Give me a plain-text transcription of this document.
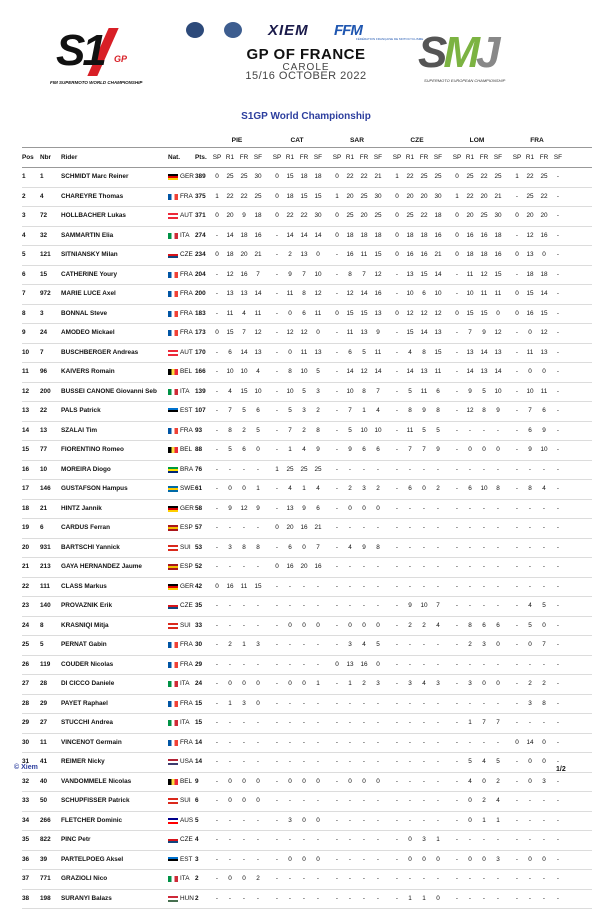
S1 GP
FIM SUPERMOTO WORLD CHAMPIONSHIP
XIEM FFM
FÉDÉRATION FRANÇAISE DE MOTOCYCLISME
GP OF FRANCE
CAROLE
15/16 OCTOBER 2022	SMJ
SUPERMOTO EUROPEAN CHAMPIONSHIP
S1GP World Championship
PIE	CAT	SAR	CZE	LOM	FRA
Pos Nbr	Rider	Nat.	Pts. SP R1 FR SF	SP R1 FR SF	SP R1 FR SF	SP R1 FR SF	SP R1 FR SF	SP R1 FR SF
1	1	SCHMIDT Marc Reiner	GER 389	0	25	25	30	0	15	18	18	0	22	22	21	1	22	25	25	0	25	22	25	1	22	25	-
2	4	CHAREYRE Thomas	FRA 375	1	22	22	25	0	18	15	15	1	20	25	30	0	20	20	30	1	22	20	21	-	25	22	-
3	72	HOLLBACHER Lukas	AUT 371	0	20	9	18	0	22	22	30	0	25	20	25	0	25	22	18	0	20	25	30	0	20	20	-
4	32	SAMMARTIN Elia	ITA 274	-	14	18	16	-	14	14	14	0	18	18	18	0	18	18	16	0	16	16	18	-	12	16	-
5	121	SITNIANSKY Milan	CZE 234	0	18	20	21	-	2	13	0	-	16	11	15	0	16	16	21	0	18	18	16	0	13	0	-
6	15	CATHERINE Youry	FRA 204	-	12	16	7	-	9	7	10	-	8	7	12	-	13	15	14	-	11	12	15	-	18	18	-
7	972	MARIE LUCE Axel	FRA 200	-	13	13	14	-	11	8	12	-	12	14	16	-	10	6	10	-	10	11	11	0	15	14	-
8	3	BONNAL Steve	FRA 183	-	11	4	11	-	0	6	11	0	15	15	13	0	12	12	12	0	15	15	0	0	16	15	-
9	24	AMODEO Mickael	FRA 173	0	15	7	12	-	12	12	0	-	11	13	9	-	15	14	13	-	7	9	12	-	0	12	-
10	7	BUSCHBERGER Andreas	AUT 170	-	6	14	13	-	0	11	13	-	6	5	11	-	4	8	15	-	13	14	13	-	11	13	-
11	96	KAIVERS Romain	BEL 166	-	10	10	4	-	8	10	5	-	14	12	14	-	14	13	11	-	14	13	14	-	0	0	-
12	200	BUSSEI CANONE Giovanni Seb	ITA 139	-	4	15	10	-	10	5	3	-	10	8	7	-	5	11	6	-	9	5	10	-	10	11	-
13	22	PALS Patrick	EST 107	-	7	5	6	-	5	3	2	-	7	1	4	-	8	9	8	-	12	8	9	-	7	6	-
14	13	SZALAI Tim	FRA 93	-	8	2	5	-	7	2	8	-	5	10	10	-	11	5	5	-	-	-	-	-	6	9	-
15	77	FIORENTINO Romeo	BEL 88	-	5	6	0	-	1	4	9	-	9	6	6	-	7	7	9	-	0	0	0	-	9	10	-
16	10	MOREIRA Diogo	BRA 76	-	-	-	-	1	25	25	25	-	-	-	-	-	-	-	-	-	-	-	-	-	-	-	-
17	146	GUSTAFSON Hampus	SWE 61	-	0	0	1	-	4	1	4	-	2	3	2	-	6	0	2	-	6	10	8	-	8	4	-
18	21	HINTZ Jannik	GER 58	-	9	12	9	-	13	9	6	-	0	0	0	-	-	-	-	-	-	-	-	-	-	-	-
19	6	CARDUS Ferran	ESP 57	-	-	-	-	0	20	16	21	-	-	-	-	-	-	-	-	-	-	-	-	-	-	-	-
20	931	BARTSCHI Yannick	SUI 53	-	3	8	8	-	6	0	7	-	4	9	8	-	-	-	-	-	-	-	-	-	-	-	-
21	213	GAYA HERNANDEZ Jaume	ESP 52	-	-	-	-	0	16	20	16	-	-	-	-	-	-	-	-	-	-	-	-	-	-	-	-
22	111	CLASS Markus	GER 42	0	16	11	15	-	-	-	-	-	-	-	-	-	-	-	-	-	-	-	-	-	-	-	-
23	140	PROVAZNIK Erik	CZE 35	-	-	-	-	-	-	-	-	-	-	-	-	-	9	10	7	-	-	-	-	-	4	5	-
24	8	KRASNIQI Mitja	SUI 33	-	-	-	-	-	0	0	0	-	0	0	0	-	2	2	4	-	8	6	6	-	5	0	-
25	5	PERNAT Gabin	FRA 30	-	2	1	3	-	-	-	-	-	3	4	5	-	-	-	-	-	2	3	0	-	0	7	-
26	119	COUDER Nicolas	FRA 29	-	-	-	-	-	-	-	-	0	13	16	0	-	-	-	-	-	-	-	-	-	-	-	-
27	28	DI CICCO Daniele	ITA 24	-	0	0	0	-	0	0	1	-	1	2	3	-	3	4	3	-	3	0	0	-	2	2	-
28	29	PAYET Raphael	FRA 15	-	1	3	0	-	-	-	-	-	-	-	-	-	-	-	-	-	-	-	-	-	3	8	-
29	27	STUCCHI Andrea	ITA 15	-	-	-	-	-	-	-	-	-	-	-	-	-	-	-	-	-	1	7	7	-	-	-	-
30	11	VINCENOT Germain	FRA 14	-	-	-	-	-	-	-	-	-	-	-	-	-	-	-	-	-	-	-	-	0	14	0	-
31	41	REIMER Nicky	USA 14	-	-	-	-	-	-	-	-	-	-	-	-	-	-	-	-	-	5	4	5	-	0	0	-
32	40	VANDOMMELE Nicolas	BEL 9	-	0	0	0	-	0	0	0	-	0	0	0	-	-	-	-	-	4	0	2	-	0	3	-
33	50	SCHUPFISSER Patrick	SUI 6	-	0	0	0	-	-	-	-	-	-	-	-	-	-	-	-	-	0	2	4	-	-	-	-
34	266	FLETCHER Dominic	AUS 5	-	-	-	-	-	3	0	0	-	-	-	-	-	-	-	-	-	0	1	1	-	-	-	-
35	822	PINC Petr	CZE 4	-	-	-	-	-	-	-	-	-	-	-	-	-	0	3	1	-	-	-	-	-	-	-	-
36	39	PARTELPOEG Aksel	EST 3	-	-	-	-	-	0	0	0	-	-	-	-	-	0	0	0	-	0	0	3	-	0	0	-
37	771	GRAZIOLI Nico	ITA 2	-	0	0	2	-	-	-	-	-	-	-	-	-	-	-	-	-	-	-	-	-	-	-	-
38	198	SURANYI Balazs	HUN 2	-	-	-	-	-	-	-	-	-	-	-	-	-	1	1	0	-	-	-	-	-	-	-	-
© Xiem	1/2
